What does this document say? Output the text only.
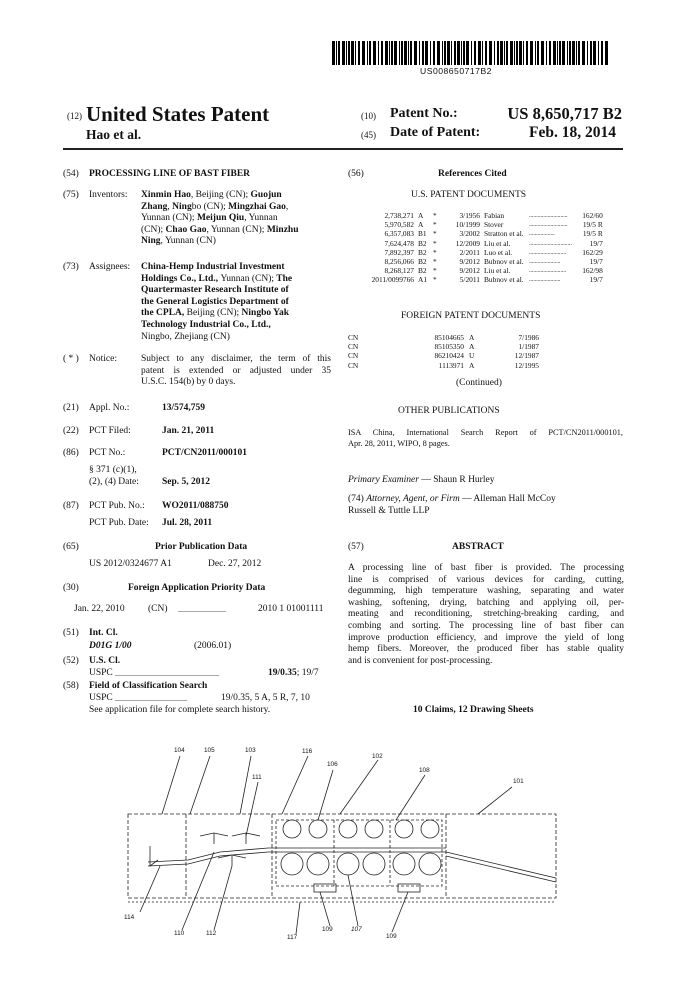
US008650717B2
(12) United States Patent
Hao et al.
(10) Patent No.:	US 8,650,717 B2
(45) Date of Patent:	Feb. 18, 2014
(54) PROCESSING LINE OF BAST FIBER
(75) Inventors: Xinmin Hao, Beijing (CN); Guojun
Zhang, Ningbo (CN); Mingzhai Gao,
Yunnan (CN); Meijun Qiu, Yunnan
(CN); Chao Gao, Yunnan (CN); Minzhu
Ning, Yunnan (CN)
(73) Assignees: China-Hemp Industrial Investment
Holdings Co., Ltd., Yunnan (CN); The
Quartermaster Research Institute of
the General Logistics Department of
the CPLA, Beijing (CN); Ningbo Yak
Technology Industrial Co., Ltd.,
Ningbo, Zhejiang (CN)
( * ) Notice:	Subject to any disclaimer, the term of this
patent is extended or adjusted under 35
U.S.C. 154(b) by 0 days.
(21) Appl. No.:	13/574,759
(22) PCT Filed:	Jan. 21, 2011
(86) PCT No.:	PCT/CN2011/000101
§ 371 (c)(1),
(2), (4) Date: Sep. 5, 2012
(87) PCT Pub. No.: WO2011/088750
PCT Pub. Date: Jul. 28, 2011
(65)	Prior Publication Data
US 2012/0324677 A1	Dec. 27, 2012
(30)	Foreign Application Priority Data
Jan. 22, 2010 (CN) ........................	2010 1 01001111
(51) Int. Cl.
D01G 1/00	(2006.01)
(52) U.S. Cl.
USPC ....................................................	19/0.35; 19/7
(58) Field of Classification Search
USPC ....................................	19/0.35, 5 A, 5 R, 7, 10
See application file for complete search history.
(56)	References Cited
U.S. PATENT DOCUMENTS
2,738,271	A	*	3/1956	Fabian	...........................	162/60
5,970,582	A	*	10/1999	Stover	...........................	19/5 R
6,357,083	B1	*	3/2002	Stratton et al.	..................	19/5 R
7,624,478	B2	*	12/2009	Liu et al.	..............................	19/7
7,892,397	B2	*	2/2011	Luo et al.	..........................	162/29
8,256,066	B2	*	9/2012	Bubnov et al.	......................	19/7
8,268,127	B2	*	9/2012	Liu et al.	..........................	162/98
2011/0099766	A1	*	5/2011	Bubnov et al.	......................	19/7
FOREIGN PATENT DOCUMENTS
CN	85104665	A	7/1986
CN	85105350	A	1/1987
CN	86210424	U	12/1987
CN	1113971	A	12/1995
(Continued)
OTHER PUBLICATIONS
ISA China, International Search Report of PCT/CN2011/000101,
Apr. 28, 2011, WIPO, 8 pages.
Primary Examiner — Shaun R Hurley
(74) Attorney, Agent, or Firm — Alleman Hall McCoy
Russell & Tuttle LLP
(57)	ABSTRACT
A processing line of bast fiber is provided. The processing
line is comprised of various devices for carding, cutting,
degumming, high temperature washing, separating and water
washing, softening, drying, batching and applying oil, per-
meating and reconditioning, stretching-breaking carding, and
combing and sorting. The processing line of bast fiber can
improve production efficiency, and improve the yield of long
hemp fibers. Moreover, the produced fiber has stable quality
and is convenient for post-processing.
10 Claims, 12 Drawing Sheets
104	105	103	116
106
102
108
101
111
114
110	112
117
109	107
109
